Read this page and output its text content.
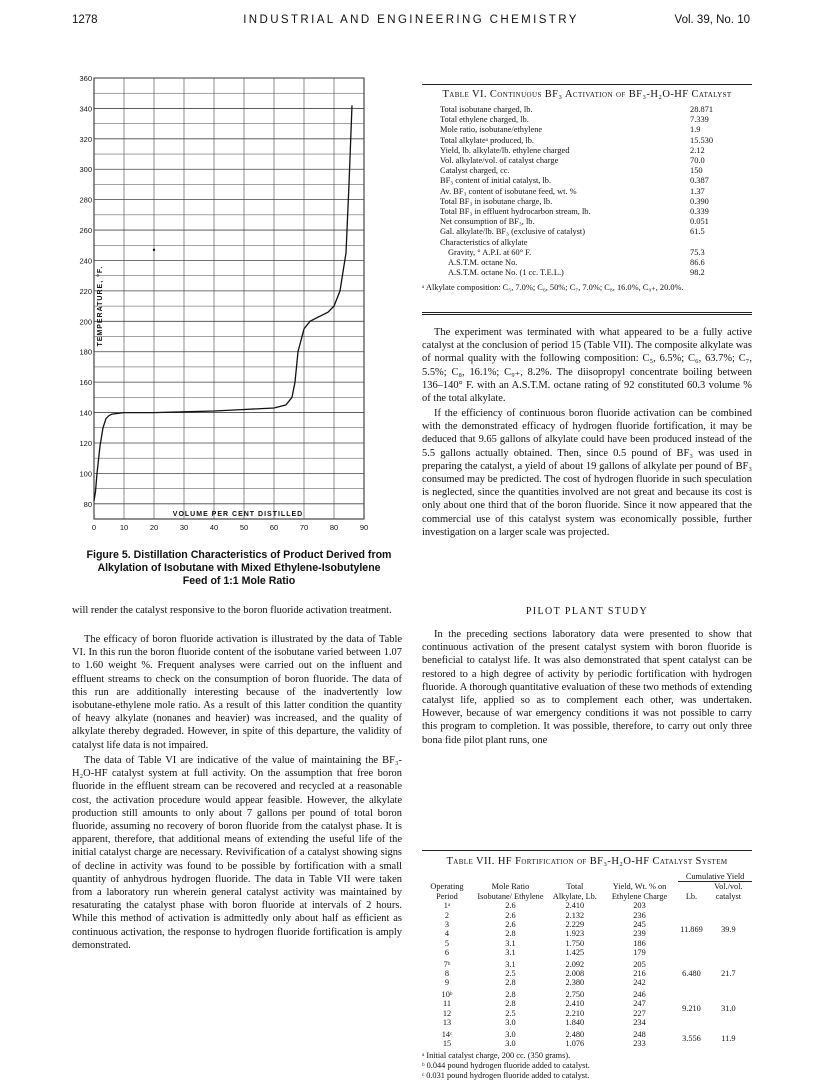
1278	INDUSTRIAL AND ENGINEERING CHEMISTRY	Vol. 39, No. 10
80
100
120
140
160
180
200
220
240
260
280
300
320
340
360
0	10	20	30	40	50	60	70	80	90
VOLUME PER CENT DISTILLED
TEMPERATURE, °F.
Figure 5. Distillation Characteristics of Product Derived from Alkylation of Isobutane with Mixed Ethylene-Isobutylene Feed of 1:1 Mole Ratio

will render the catalyst responsive to the boron fluoride activation treatment.

The efficacy of boron fluoride activation is illustrated by the data of Table VI. In this run the boron fluoride content of the isobutane varied between 1.07 to 1.60 weight %. Frequent analyses were carried out on the influent and effluent streams to check on the consumption of boron fluoride. The data of this run are additionally interesting because of the inadvertently low isobutane-ethylene mole ratio. As a result of this latter condition the quantity of heavy alkylate (nonanes and heavier) was increased, and the quality of alkylate thereby degraded. However, in spite of this departure, the validity of catalyst life data is not impaired.

The data of Table VI are indicative of the value of maintaining the BF₃-H₂O-HF catalyst system at full activity. On the assumption that free boron fluoride in the effluent stream can be recovered and recycled at a reasonable cost, the activation procedure would appear feasible. However, the alkylate production still amounts to only about 7 gallons per pound of total boron fluoride, assuming no recovery of boron fluoride from the catalyst phase. It is apparent, therefore, that additional means of extending the useful life of the initial catalyst charge are necessary. Revivification of a catalyst showing signs of decline in activity was found to be possible by fortification with a small quantity of anhydrous hydrogen fluoride. The data in Table VII were taken from a laboratory run wherein general catalyst activity was maintained by resaturating the catalyst phase with boron fluoride at intervals of 2 hours. While this method of activation is admittedly only about half as efficient as continuous activation, the response to hydrogen fluoride fortification is amply demonstrated.

Table VI. Continuous BF₃ Activation of BF₃-H₂O-HF Catalyst
Total isobutane charged, lb.	28.871
Total ethylene charged, lb.	7.339
Mole ratio, isobutane/ethylene	1.9
Total alkylateᵃ produced, lb.	15.530
Yield, lb. alkylate/lb. ethylene charged	2.12
Vol. alkylate/vol. of catalyst charge	70.0
Catalyst charged, cc.	150
BF₃ content of initial catalyst, lb.	0.387
Av. BF₃ content of isobutane feed, wt. %	1.37
Total BF₃ in isobutane charge, lb.	0.390
Total BF₃ in effluent hydrocarbon stream, lb.	0.339
Net consumption of BF₃, lb.	0.051
Gal. alkylate/lb. BF₃ (exclusive of catalyst)	61.5
Characteristics of alkylate
Gravity, ° A.P.I. at 60° F.	75.3
A.S.T.M. octane No.	86.6
A.S.T.M. octane No. (1 cc. T.E.L.)	98.2
ᵃ Alkylate composition: C₅, 7.0%; C₆, 50%; C₇, 7.0%; C₈, 16.0%, C₉₊, 20.0%.

The experiment was terminated with what appeared to be a fully active catalyst at the conclusion of period 15 (Table VII). The composite alkylate was of normal quality with the following composition: C₅, 6.5%; C₆, 63.7%; C₇, 5.5%; C₈, 16.1%; C₉₊, 8.2%. The diisopropyl concentrate boiling between 136–140° F. with an A.S.T.M. octane rating of 92 constituted 60.3 volume % of the total alkylate.

If the efficiency of continuous boron fluoride activation can be combined with the demonstrated efficacy of hydrogen fluoride fortification, it may be deduced that 9.65 gallons of alkylate could have been produced instead of the 5.5 gallons actually obtained. Then, since 0.5 pound of BF₃ was used in preparing the catalyst, a yield of about 19 gallons of alkylate per pound of BF₃ consumed may be predicted. The cost of hydrogen fluoride in such speculation is neglected, since the quantities involved are not great and because its cost is only about one third that of the boron fluoride. Since it now appeared that the commercial use of this catalyst system was economically possible, further investigation on a larger scale was projected.

PILOT PLANT STUDY

In the preceding sections laboratory data were presented to show that continuous activation of the present catalyst system with boron fluoride is beneficial to catalyst life. It was also demonstrated that spent catalyst can be restored to a high degree of activity by periodic fortification with hydrogen fluoride. A thorough quantitative evaluation of these two methods of extending catalyst life, applied so as to complement each other, was undertaken. However, because of war emergency conditions it was not possible to carry this program to completion. It was possible, therefore, to carry out only three bona fide pilot plant runs, one

Table VII. HF Fortification of BF₃-H₂O-HF Catalyst System
Operating Period	Mole Ratio Isobutane/ Ethylene	Total Alkylate, Lb.	Yield, Wt. % on Ethylene Charge	Cumulative Yield	
				Lb.	Vol./vol. catalyst
1ᵃ	2.6	2.410	203	11.869	39.9
2	2.6	2.132	236		
3	2.6	2.229	245		
4	2.8	1.923	239		
5	3.1	1.750	186		
6	3.1	1.425	179		
7ᵇ	3.1	2.092	205	6.480	21.7
8	2.5	2.008	216		
9	2.8	2.380	242		
10ᵇ	2.8	2.750	246	9.210	31.0
11	2.8	2.410	247		
12	2.5	2.210	227		
13	3.0	1.840	234		
14ᶜ	3.0	2.480	248	3.556	11.9
15	3.0	1.076	233		
ᵃ Initial catalyst charge, 200 cc. (350 grams).
ᵇ 0.044 pound hydrogen fluoride added to catalyst.
ᶜ 0.031 pound hydrogen fluoride added to catalyst.
